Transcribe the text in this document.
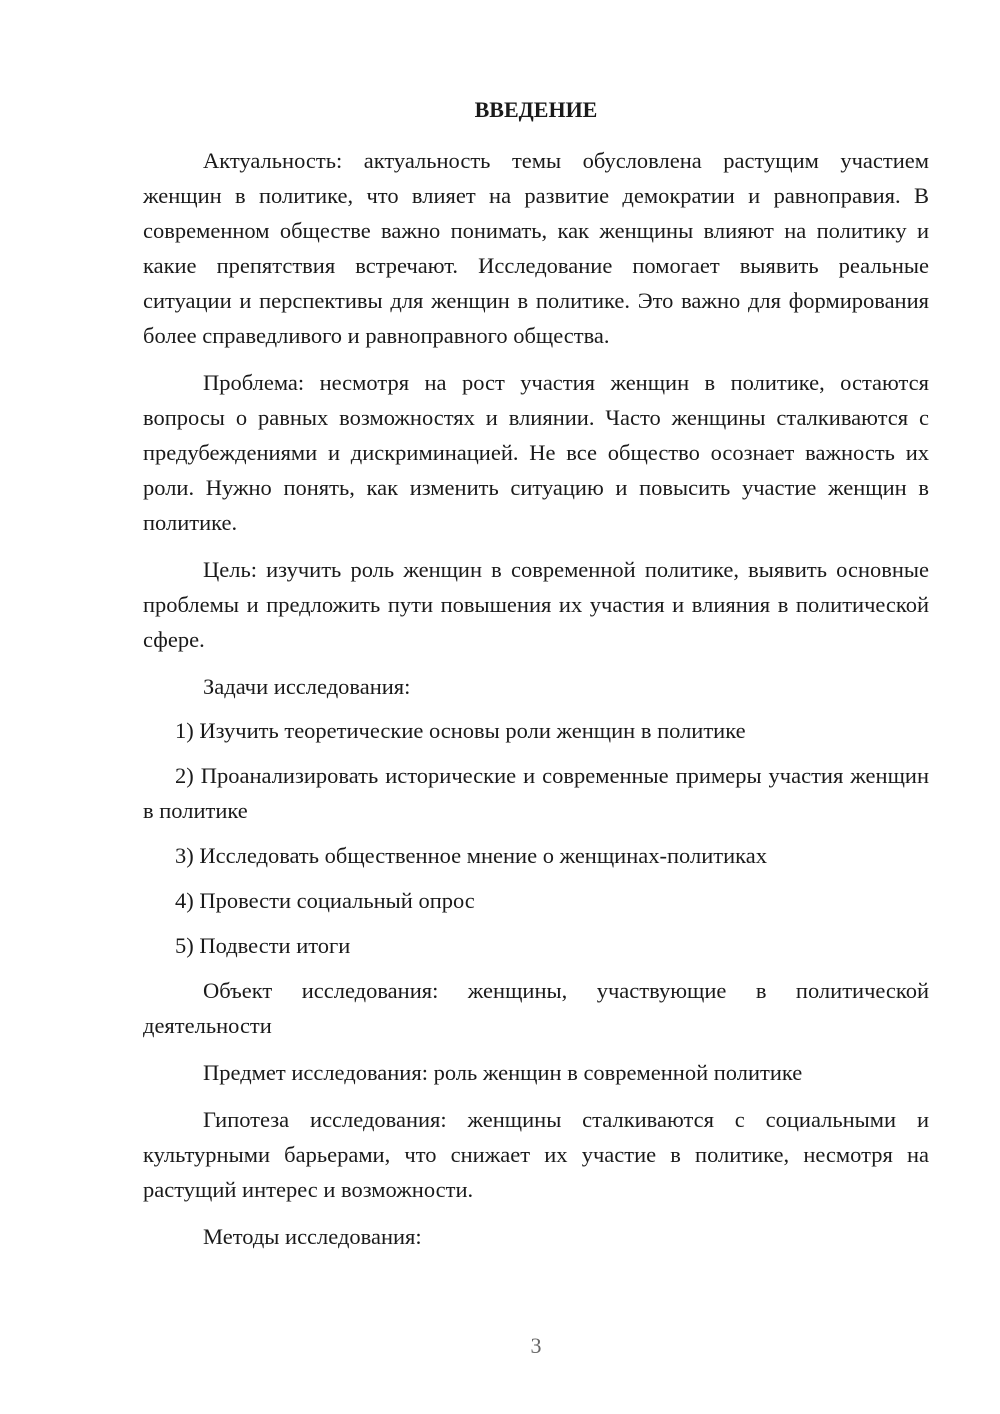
ВВЕДЕНИЕ

Актуальность: актуальность темы обусловлена растущим участием женщин в политике, что влияет на развитие демократии и равноправия. В современном обществе важно понимать, как женщины влияют на политику и какие препятствия встречают. Исследование помогает выявить реальные ситуации и перспективы для женщин в политике. Это важно для формирования более справедливого и равноправного общества.

Проблема: несмотря на рост участия женщин в политике, остаются вопросы о равных возможностях и влиянии. Часто женщины сталкиваются с предубеждениями и дискриминацией. Не все общество осознает важность их роли. Нужно понять, как изменить ситуацию и повысить участие женщин в политике.

Цель: изучить роль женщин в современной политике, выявить основные проблемы и предложить пути повышения их участия и влияния в политической сфере.

Задачи исследования:

1) Изучить теоретические основы роли женщин в политике

2) Проанализировать исторические и современные примеры участия женщин в политике

3) Исследовать общественное мнение о женщинах-политиках

4) Провести социальный опрос

5) Подвести итоги

Объект исследования: женщины, участвующие в политической деятельности

Предмет исследования: роль женщин в современной политике

Гипотеза исследования: женщины сталкиваются с социальными и культурными барьерами, что снижает их участие в политике, несмотря на растущий интерес и возможности.

Методы исследования:

3
